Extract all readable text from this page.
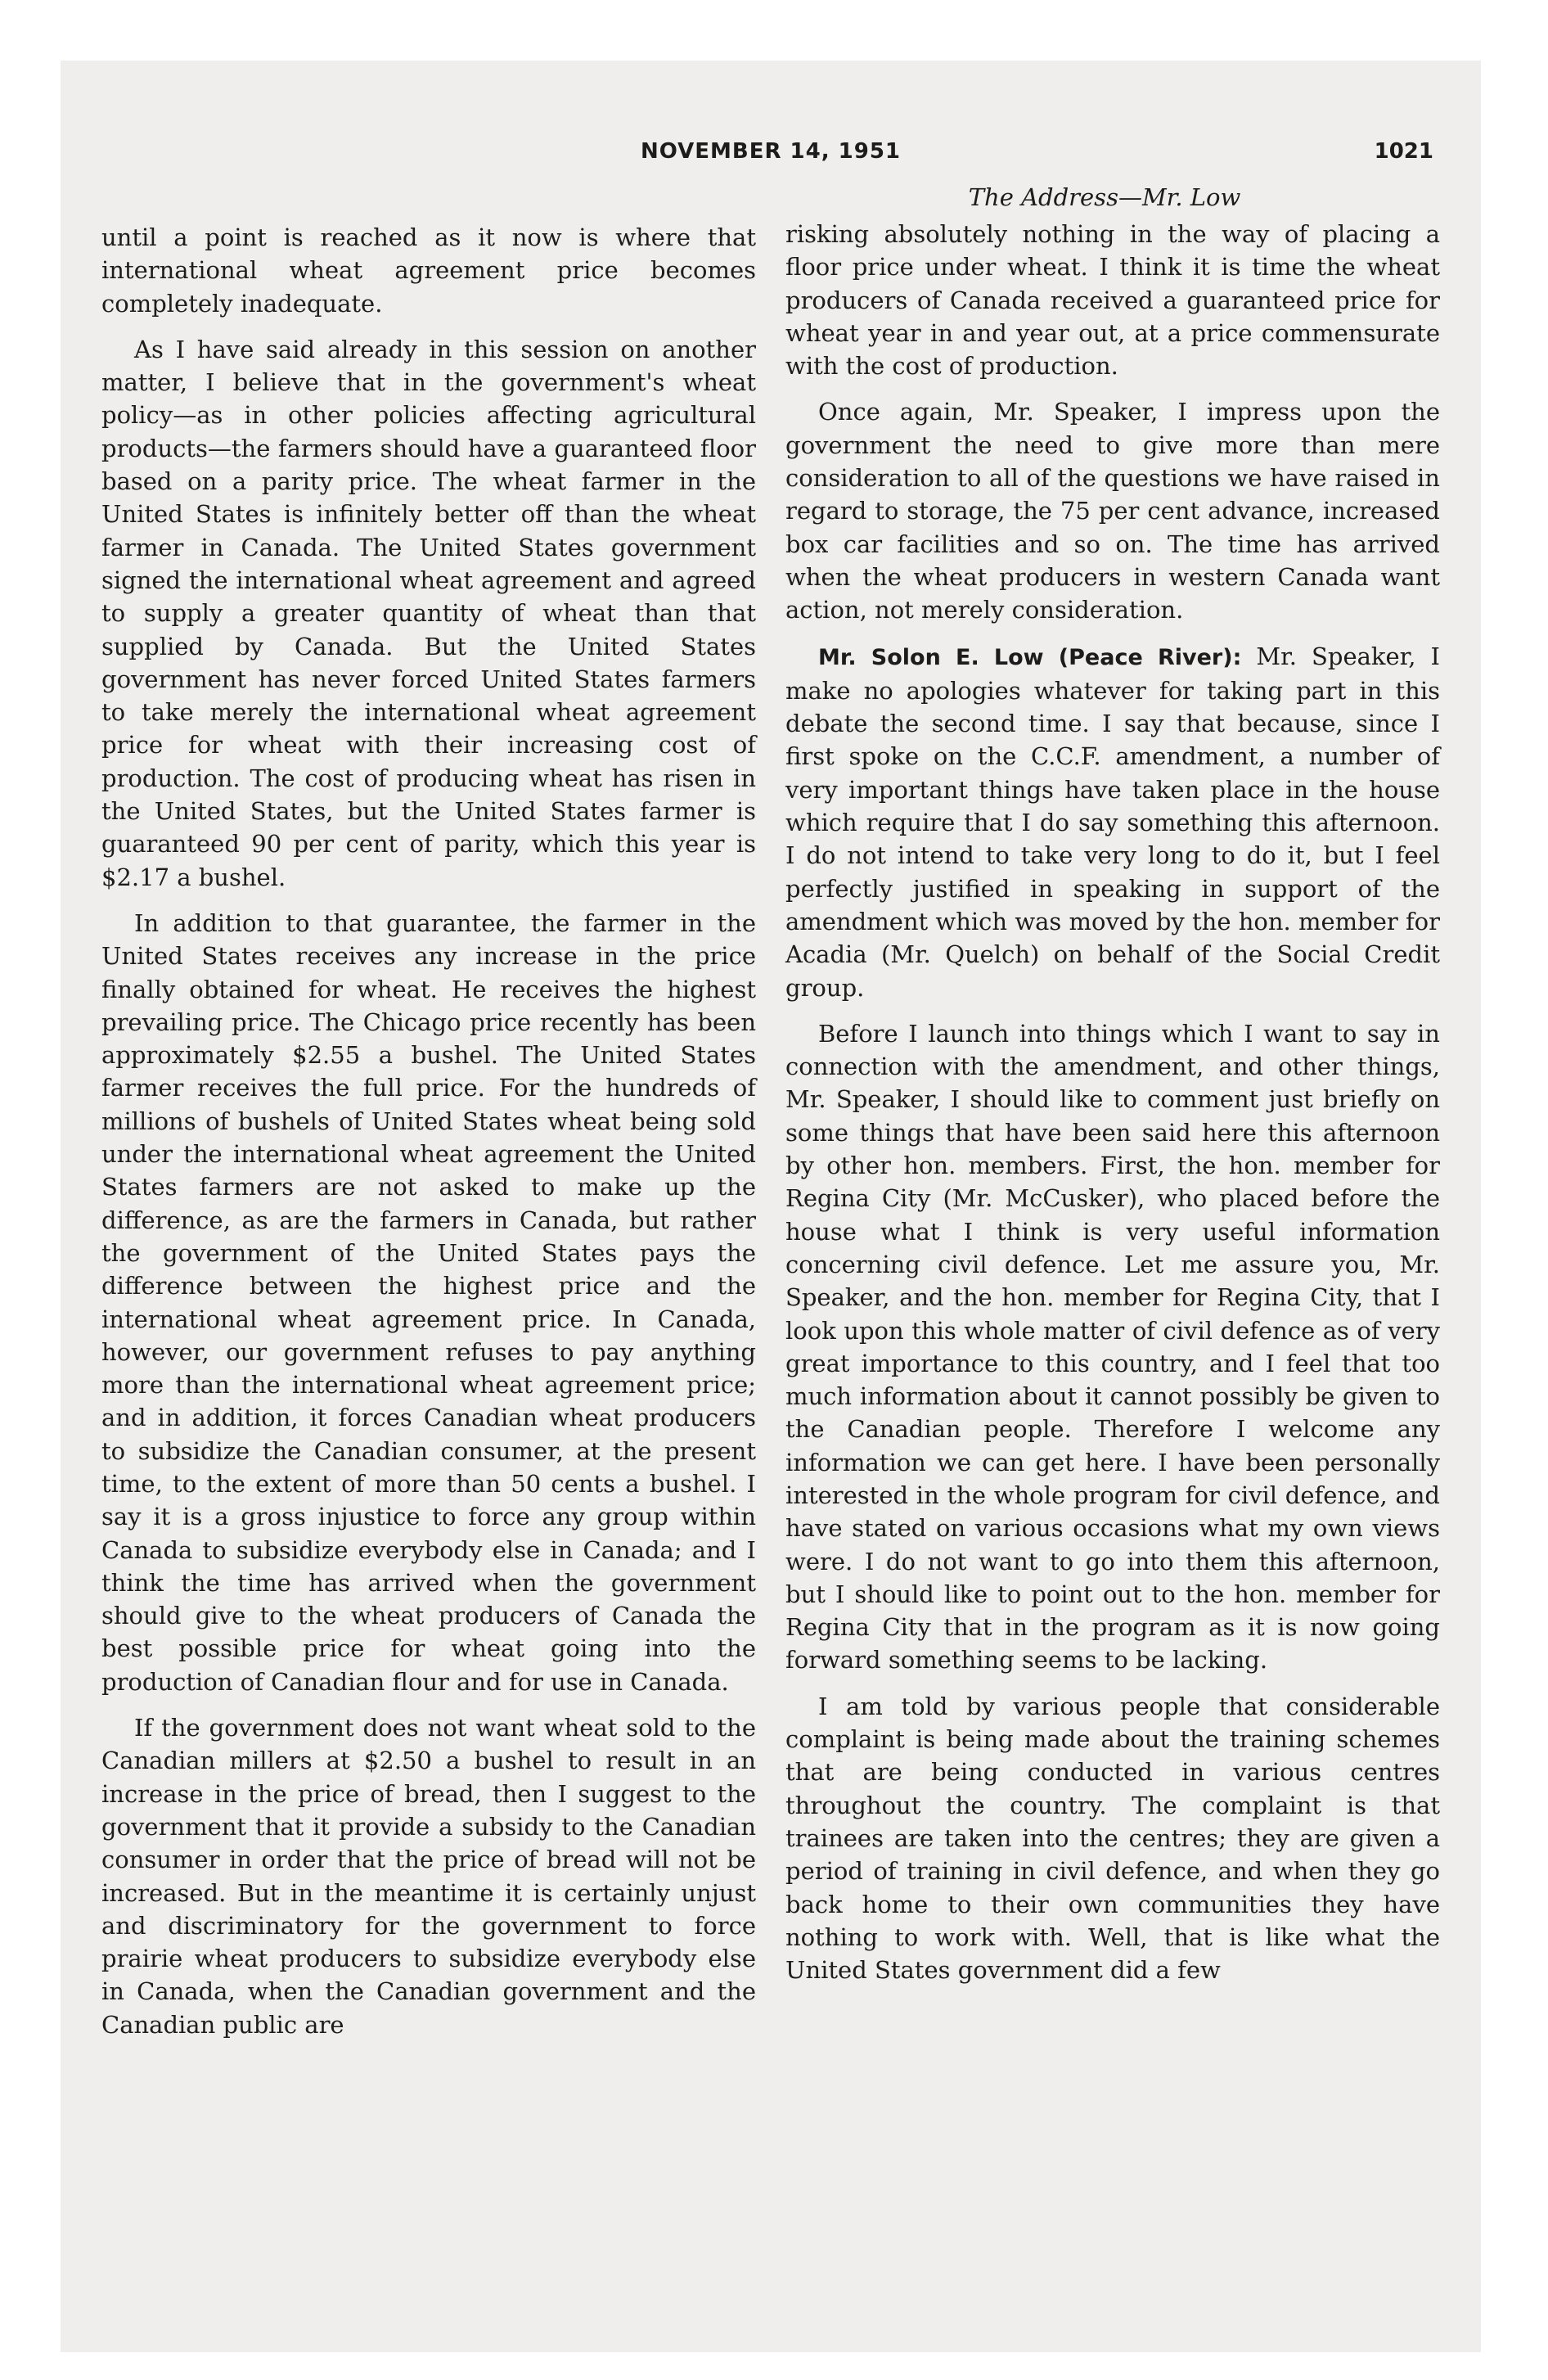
NOVEMBER 14, 1951	1021
The Address—Mr. Low

until a point is reached as it now is where that international wheat agreement price becomes completely inadequate.

As I have said already in this session on another matter, I believe that in the government's wheat policy—as in other policies affecting agricultural products—the farmers should have a guaranteed floor based on a parity price. The wheat farmer in the United States is infinitely better off than the wheat farmer in Canada. The United States government signed the international wheat agreement and agreed to supply a greater quantity of wheat than that supplied by Canada. But the United States government has never forced United States farmers to take merely the international wheat agreement price for wheat with their increasing cost of production. The cost of producing wheat has risen in the United States, but the United States farmer is guaranteed 90 per cent of parity, which this year is $2.17 a bushel.

In addition to that guarantee, the farmer in the United States receives any increase in the price finally obtained for wheat. He receives the highest prevailing price. The Chicago price recently has been approximately $2.55 a bushel. The United States farmer receives the full price. For the hundreds of millions of bushels of United States wheat being sold under the international wheat agreement the United States farmers are not asked to make up the difference, as are the farmers in Canada, but rather the government of the United States pays the difference between the highest price and the international wheat agreement price. In Canada, however, our government refuses to pay anything more than the international wheat agreement price; and in addition, it forces Canadian wheat producers to subsidize the Canadian consumer, at the present time, to the extent of more than 50 cents a bushel. I say it is a gross injustice to force any group within Canada to subsidize everybody else in Canada; and I think the time has arrived when the government should give to the wheat producers of Canada the best possible price for wheat going into the production of Canadian flour and for use in Canada.

If the government does not want wheat sold to the Canadian millers at $2.50 a bushel to result in an increase in the price of bread, then I suggest to the government that it provide a subsidy to the Canadian consumer in order that the price of bread will not be increased. But in the meantime it is certainly unjust and discriminatory for the government to force prairie wheat producers to subsidize everybody else in Canada, when the Canadian government and the Canadian public are

risking absolutely nothing in the way of placing a floor price under wheat. I think it is time the wheat producers of Canada received a guaranteed price for wheat year in and year out, at a price commensurate with the cost of production.

Once again, Mr. Speaker, I impress upon the government the need to give more than mere consideration to all of the questions we have raised in regard to storage, the 75 per cent advance, increased box car facilities and so on. The time has arrived when the wheat producers in western Canada want action, not merely consideration.

Mr. Solon E. Low (Peace River): Mr. Speaker, I make no apologies whatever for taking part in this debate the second time. I say that because, since I first spoke on the C.C.F. amendment, a number of very important things have taken place in the house which require that I do say something this afternoon. I do not intend to take very long to do it, but I feel perfectly justified in speaking in support of the amendment which was moved by the hon. member for Acadia (Mr. Quelch) on behalf of the Social Credit group.

Before I launch into things which I want to say in connection with the amendment, and other things, Mr. Speaker, I should like to comment just briefly on some things that have been said here this afternoon by other hon. members. First, the hon. member for Regina City (Mr. McCusker), who placed before the house what I think is very useful information concerning civil defence. Let me assure you, Mr. Speaker, and the hon. member for Regina City, that I look upon this whole matter of civil defence as of very great importance to this country, and I feel that too much information about it cannot possibly be given to the Canadian people. Therefore I welcome any information we can get here. I have been personally interested in the whole program for civil defence, and have stated on various occasions what my own views were. I do not want to go into them this afternoon, but I should like to point out to the hon. member for Regina City that in the program as it is now going forward something seems to be lacking.

I am told by various people that considerable complaint is being made about the training schemes that are being conducted in various centres throughout the country. The complaint is that trainees are taken into the centres; they are given a period of training in civil defence, and when they go back home to their own communities they have nothing to work with. Well, that is like what the United States government did a few
